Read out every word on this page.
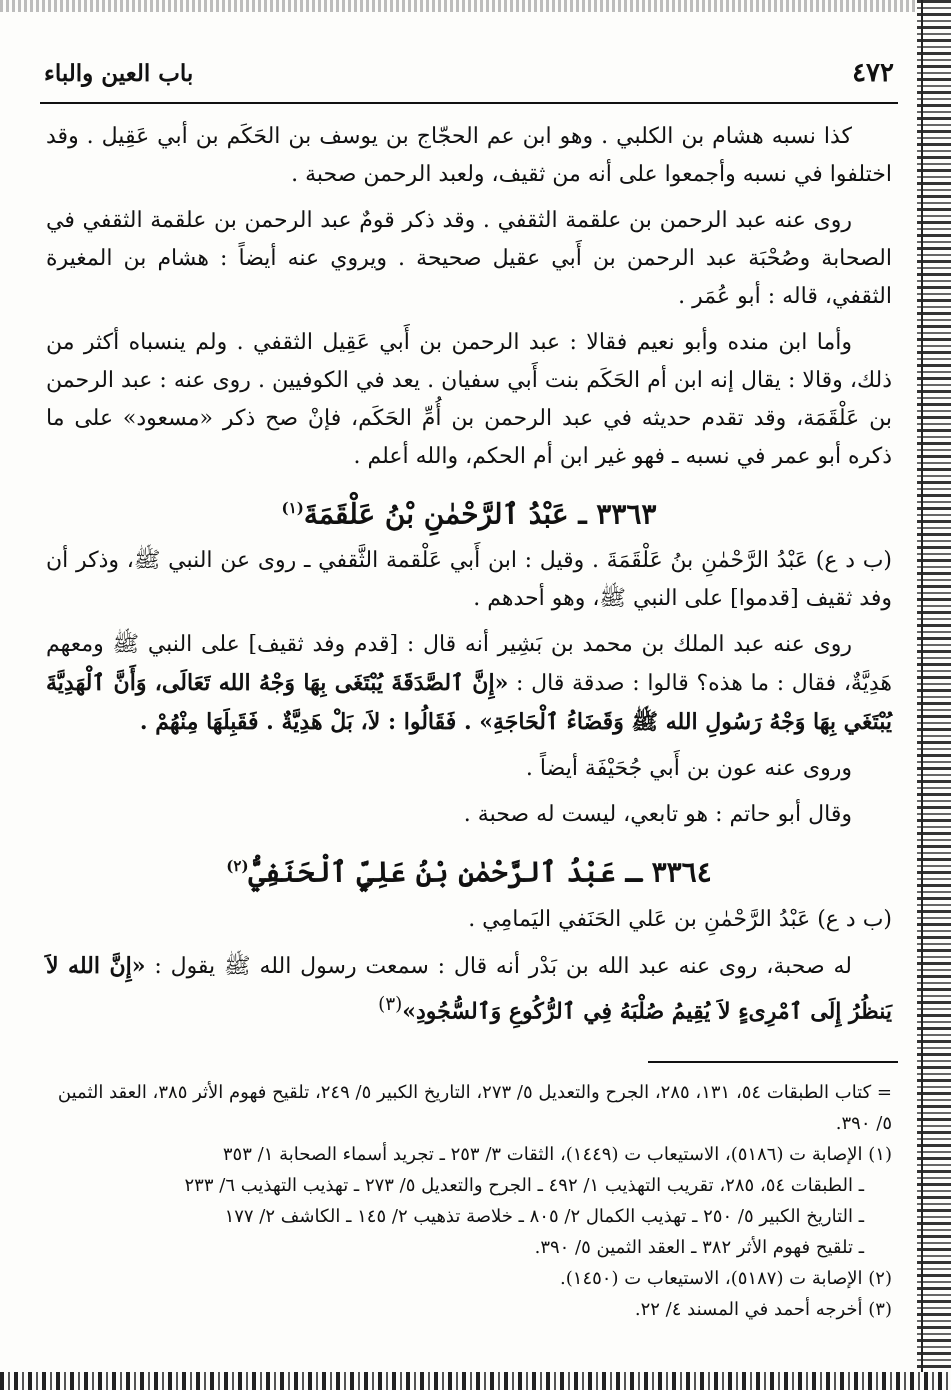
٤٧٢
باب العين والباء

كذا نسبه هشام بن الكلبي . وهو ابن عم الحجّاج بن يوسف بن الحَكَم بن أبي عَقِيل . وقد اختلفوا في نسبه وأجمعوا على أنه من ثقيف، ولعبد الرحمن صحبة .

روى عنه عبد الرحمن بن علقمة الثقفي . وقد ذكر قومٌ عبد الرحمن بن علقمة الثقفي في الصحابة وصُحْبَة عبد الرحمن بن أَبي عقيل صحيحة . ويروي عنه أيضاً : هشام بن المغيرة الثقفي، قاله : أبو عُمَر .

وأما ابن منده وأبو نعيم فقالا : عبد الرحمن بن أَبي عَقِيل الثقفي . ولم ينسباه أكثر من ذلك، وقالا : يقال إنه ابن أم الحَكَم بنت أَبي سفيان . يعد في الكوفيين . روى عنه : عبد الرحمن بن عَلْقَمَة، وقد تقدم حديثه في عبد الرحمن بن أُمِّ الحَكَم، فإنْ صح ذكر «مسعود» على ما ذكره أبو عمر في نسبه ـ فهو غير ابن أم الحكم، والله أعلم .

٣٣٦٣ ـ عَبْدُ ٱلرَّحْمٰنِ بْنُ عَلْقَمَةَ$^{(١)}$

(ب د ع) عَبْدُ الرَّحْمٰنِ بنُ عَلْقَمَةَ . وقيل : ابن أَبي عَلْقمة الثَّقفي ـ روى عن النبي ﷺ، وذكر أن وفد ثقيف [قدموا] على النبي ﷺ، وهو أحدهم .

روى عنه عبد الملك بن محمد بن بَشِير أنه قال : [قدم وفد ثقيف] على النبي ﷺ ومعهم هَدِيَّةٌ، فقال : ما هذه؟ قالوا : صدقة قال : «إِنَّ ٱلصَّدَقَةَ يُبْتَغَى بِهَا وَجْهُ الله تَعَالَى، وَأَنَّ ٱلْهَدِيَّةَ يُبْتَغَي بِهَا وَجْهُ رَسُولِ الله ﷺ وَقَضَاءُ ٱلْحَاجَةِ» . فَقَالُوا : لاَ، بَلْ هَدِيَّةٌ . فَقَبِلَهَا مِنْهُمْ .

وروى عنه عون بن أَبي جُحَيْفَة أيضاً .

وقال أبو حاتم : هو تابعي، ليست له صحبة .

٣٣٦٤ ـ عَبْدُ ٱلرَّحْمٰنِ بْنُ عَلِيٍّ ٱلْحَنَفِيُّ$^{(٢)}$

(ب د ع) عَبْدُ الرَّحْمٰنِ بن عَلي الحَنَفي اليَمامِي .

له صحبة، روى عنه عبد الله بن بَدْر أنه قال : سمعت رسول الله ﷺ يقول : «إِنَّ الله لاَ يَنظُرُ إِلَى ٱمْرِىءٍ لاَ يُقِيمُ صُلْبَهُ فِي ٱلرُّكُوعِ وَٱلسُّجُودِ»$^{(٣)}$

= كتاب الطبقات ٥٤، ١٣١، ٢٨٥، الجرح والتعديل ٥/ ٢٧٣، التاريخ الكبير ٥/ ٢٤٩، تلقيح فهوم الأثر ٣٨٥، العقد الثمين ٥/ ٣٩٠.

(١) الإصابة ت (٥١٨٦)، الاستيعاب ت (١٤٤٩)، الثقات ٣/ ٢٥٣ ـ تجريد أسماء الصحابة ١/ ٣٥٣

ـ الطبقات ٥٤، ٢٨٥، تقريب التهذيب ١/ ٤٩٢ ـ الجرح والتعديل ٥/ ٢٧٣ ـ تهذيب التهذيب ٦/ ٢٣٣

ـ التاريخ الكبير ٥/ ٢٥٠ ـ تهذيب الكمال ٢/ ٨٠٥ ـ خلاصة تذهيب ٢/ ١٤٥ ـ الكاشف ٢/ ١٧٧

ـ تلقيح فهوم الأثر ٣٨٢ ـ العقد الثمين ٥/ ٣٩٠.

(٢) الإصابة ت (٥١٨٧)، الاستيعاب ت (١٤٥٠).

(٣) أخرجه أحمد في المسند ٤/ ٢٢.
